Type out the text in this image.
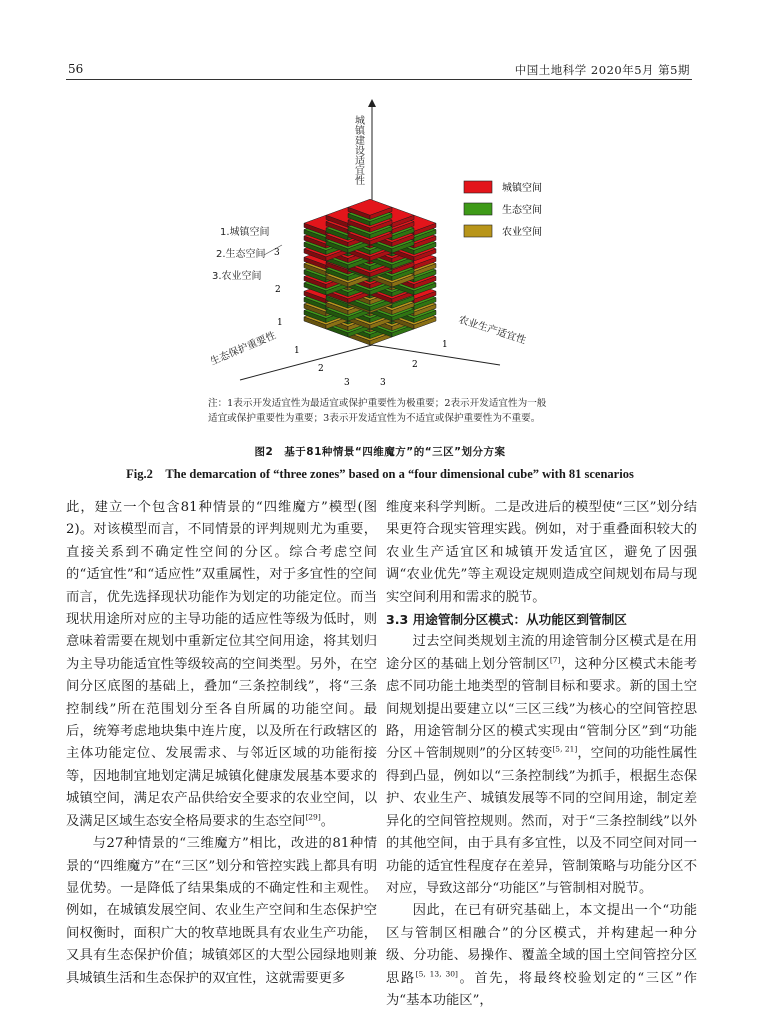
56	中国土地科学 2020年5月 第5期
城镇建设适宜性
1.城镇空间
2.生态空间
3.农业空间
3
2
1
生态保护重要性 1
2
3
农业生产适宜性
1
2
3
城镇空间
生态空间
农业空间
注：1表示开发适宜性为最适宜或保护重要性为极重要；2表示开发适宜性为一般适宜或保护重要性为重要；3表示开发适宜性为不适宜或保护重要性为不重要。
图2　基于81种情景“四维魔方”的“三区”划分方案
Fig.2　The demarcation of “three zones” based on a “four dimensional cube” with 81 scenarios

此，建立一个包含81种情景的“四维魔方”模型(图2)。对该模型而言，不同情景的评判规则尤为重要，直接关系到不确定性空间的分区。综合考虑空间的“适宜性”和“适应性”双重属性，对于多宜性的空间而言，优先选择现状功能作为划定的功能定位。而当现状用途所对应的主导功能的适应性等级为低时，则意味着需要在规划中重新定位其空间用途，将其划归为主导功能适宜性等级较高的空间类型。另外，在空间分区底图的基础上，叠加“三条控制线”，将“三条控制线”所在范围划分至各自所属的功能空间。最后，统筹考虑地块集中连片度，以及所在行政辖区的主体功能定位、发展需求、与邻近区域的功能衔接等，因地制宜地划定满足城镇化健康发展基本要求的城镇空间，满足农产品供给安全要求的农业空间，以及满足区域生态安全格局要求的生态空间[29]。

与27种情景的“三维魔方”相比，改进的81种情景的“四维魔方”在“三区”划分和管控实践上都具有明显优势。一是降低了结果集成的不确定性和主观性。例如，在城镇发展空间、农业生产空间和生态保护空间权衡时，面积广大的牧草地既具有农业生产功能，又具有生态保护价值；城镇郊区的大型公园绿地则兼具城镇生活和生态保护的双宜性，这就需要更多

维度来科学判断。二是改进后的模型使“三区”划分结果更符合现实管理实践。例如，对于重叠面积较大的农业生产适宜区和城镇开发适宜区，避免了因强调“农业优先”等主观设定规则造成空间规划布局与现实空间利用和需求的脱节。

3.3 用途管制分区模式：从功能区到管制区

过去空间类规划主流的用途管制分区模式是在用途分区的基础上划分管制区[7]，这种分区模式未能考虑不同功能土地类型的管制目标和要求。新的国土空间规划提出要建立以“三区三线”为核心的空间管控思路，用途管制分区的模式实现由“管制分区”到“功能分区＋管制规则”的分区转变[5, 21]，空间的功能性属性得到凸显，例如以“三条控制线”为抓手，根据生态保护、农业生产、城镇发展等不同的空间用途，制定差异化的空间管控规则。然而，对于“三条控制线”以外的其他空间，由于具有多宜性，以及不同空间对同一功能的适宜性程度存在差异，管制策略与功能分区不对应，导致这部分“功能区”与管制相对脱节。

因此，在已有研究基础上，本文提出一个“功能区与管制区相融合”的分区模式，并构建起一种分级、分功能、易操作、覆盖全域的国土空间管控分区思路[5, 13, 30]。首先，将最终校验划定的“三区”作为“基本功能区”，
